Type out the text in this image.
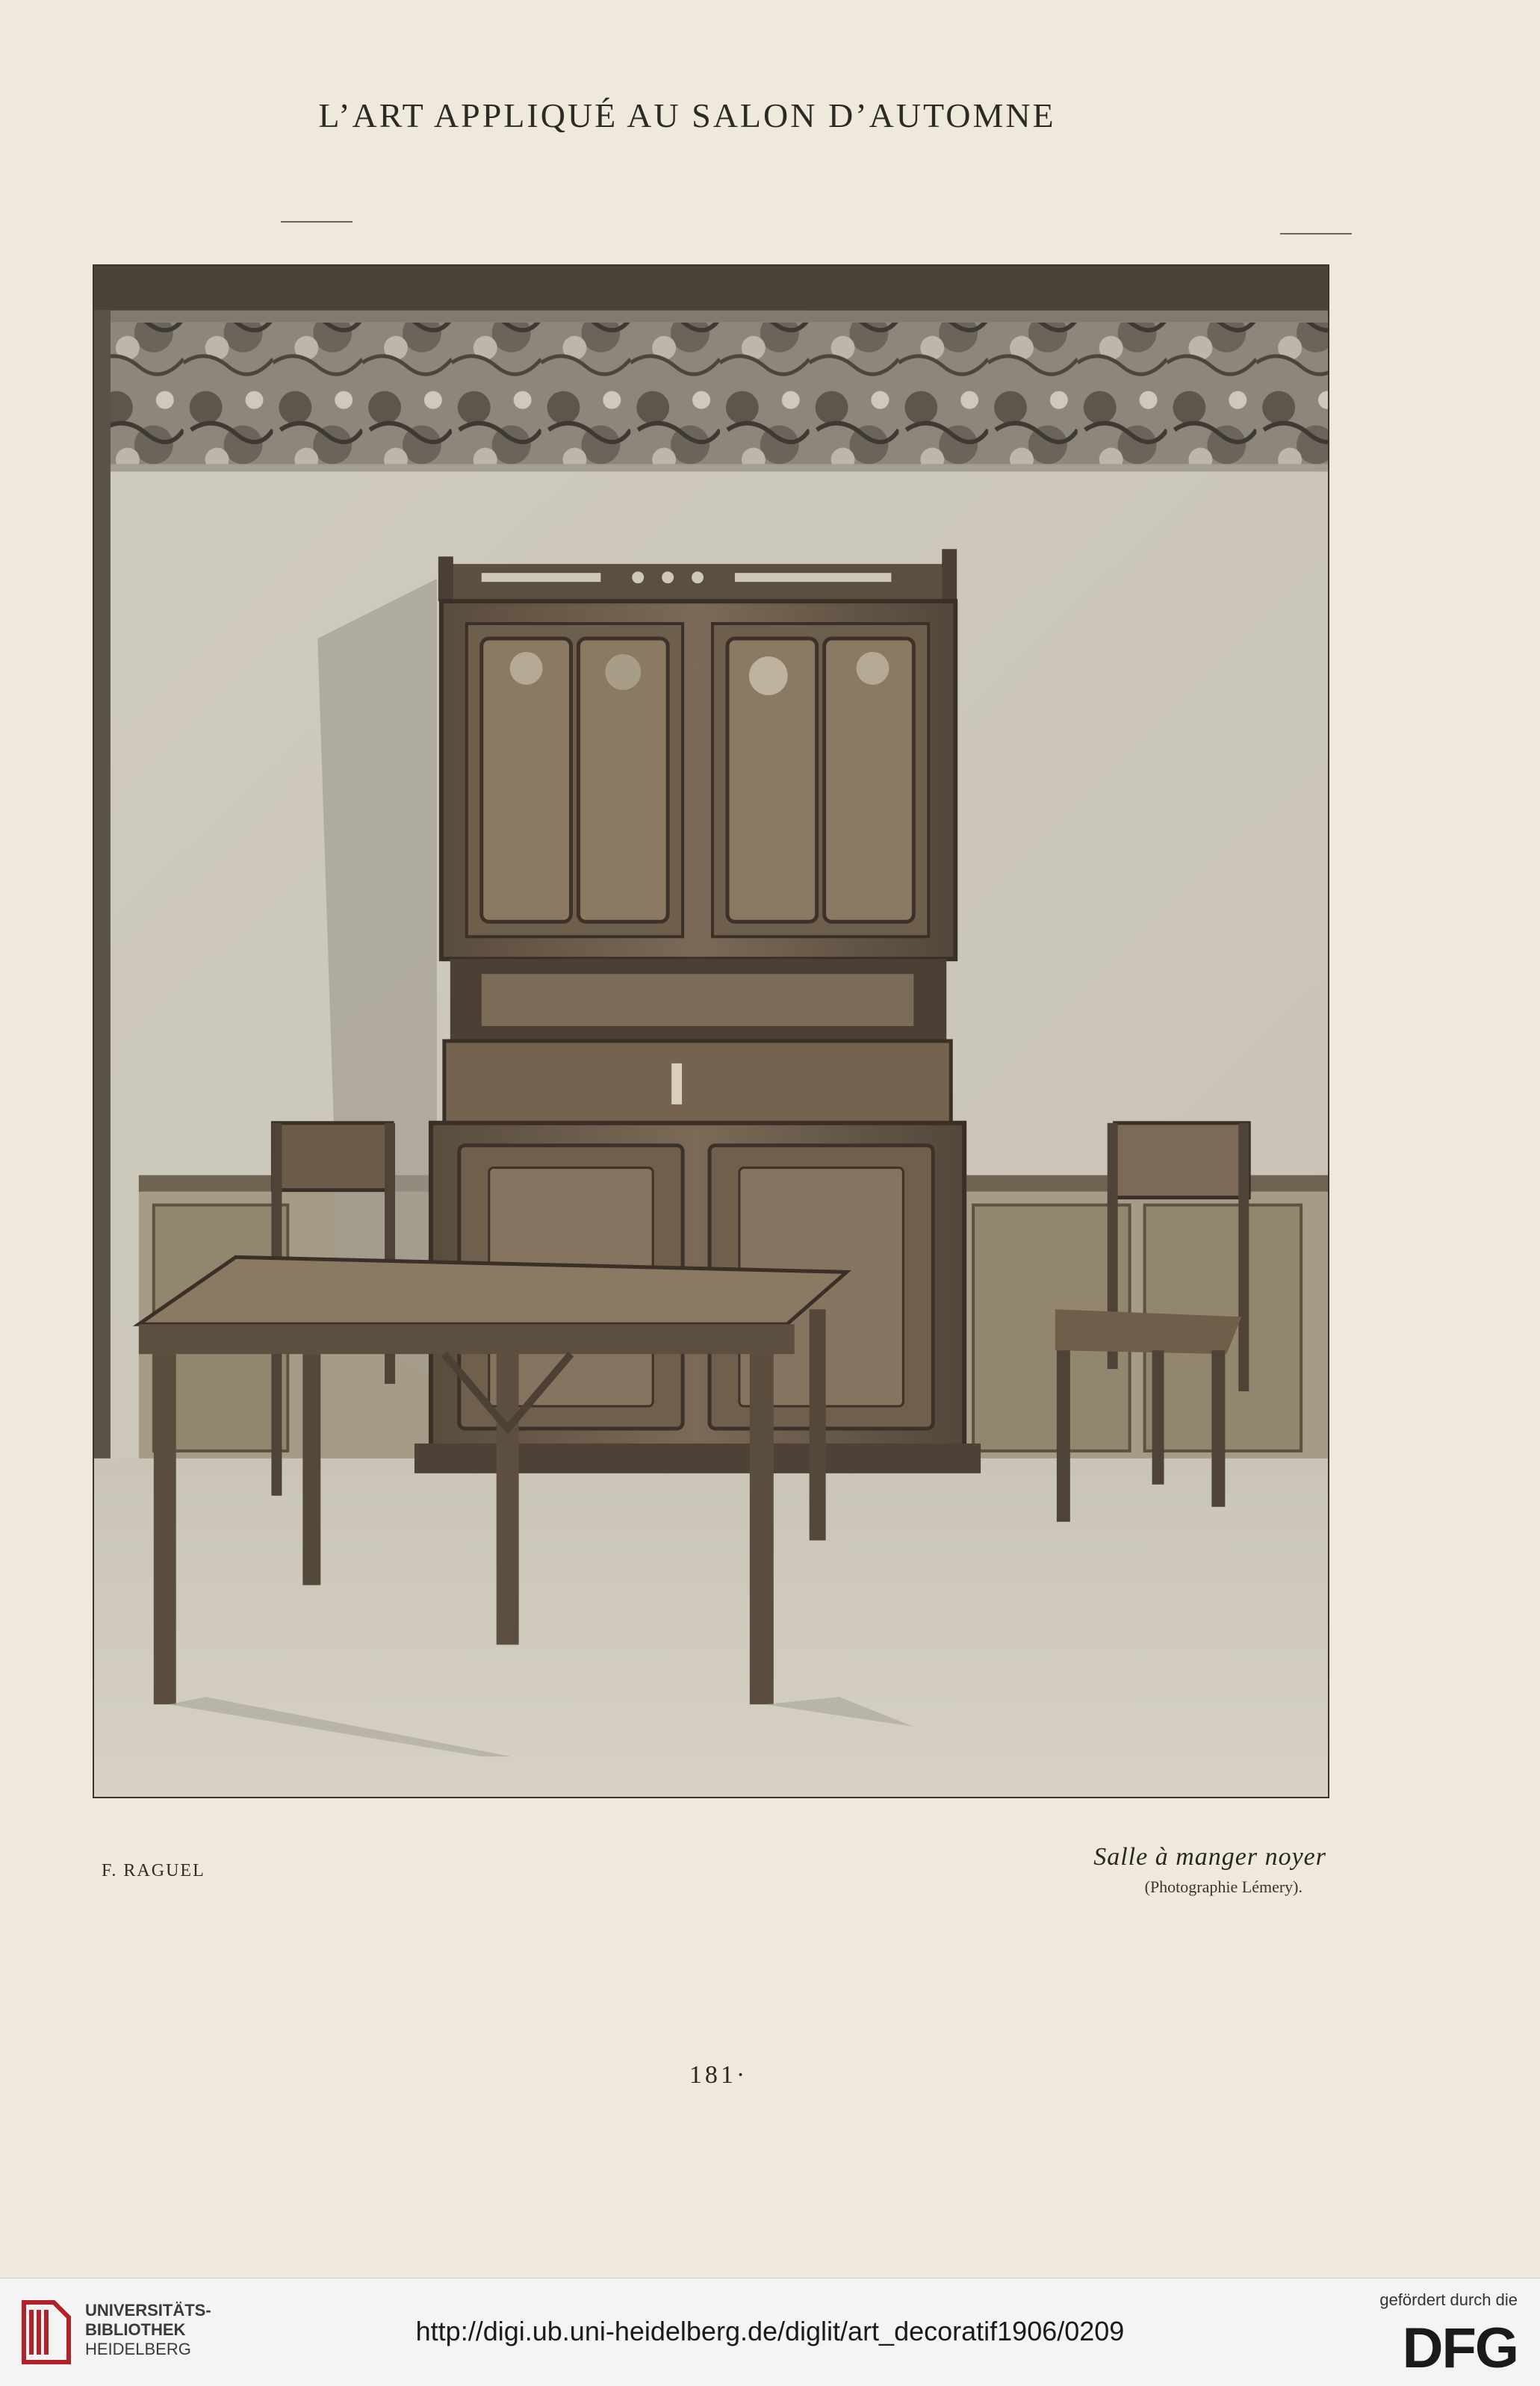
L’ART APPLIQUÉ AU SALON D’AUTOMNE
F. RAGUEL	Salle à manger noyer
(Photographie Lémery).
181·
UNIVERSITÄTS-
BIBLIOTHEK
HEIDELBERG
http://digi.ub.uni-heidelberg.de/diglit/art_decoratif1906/0209
gefördert durch die
DFG
